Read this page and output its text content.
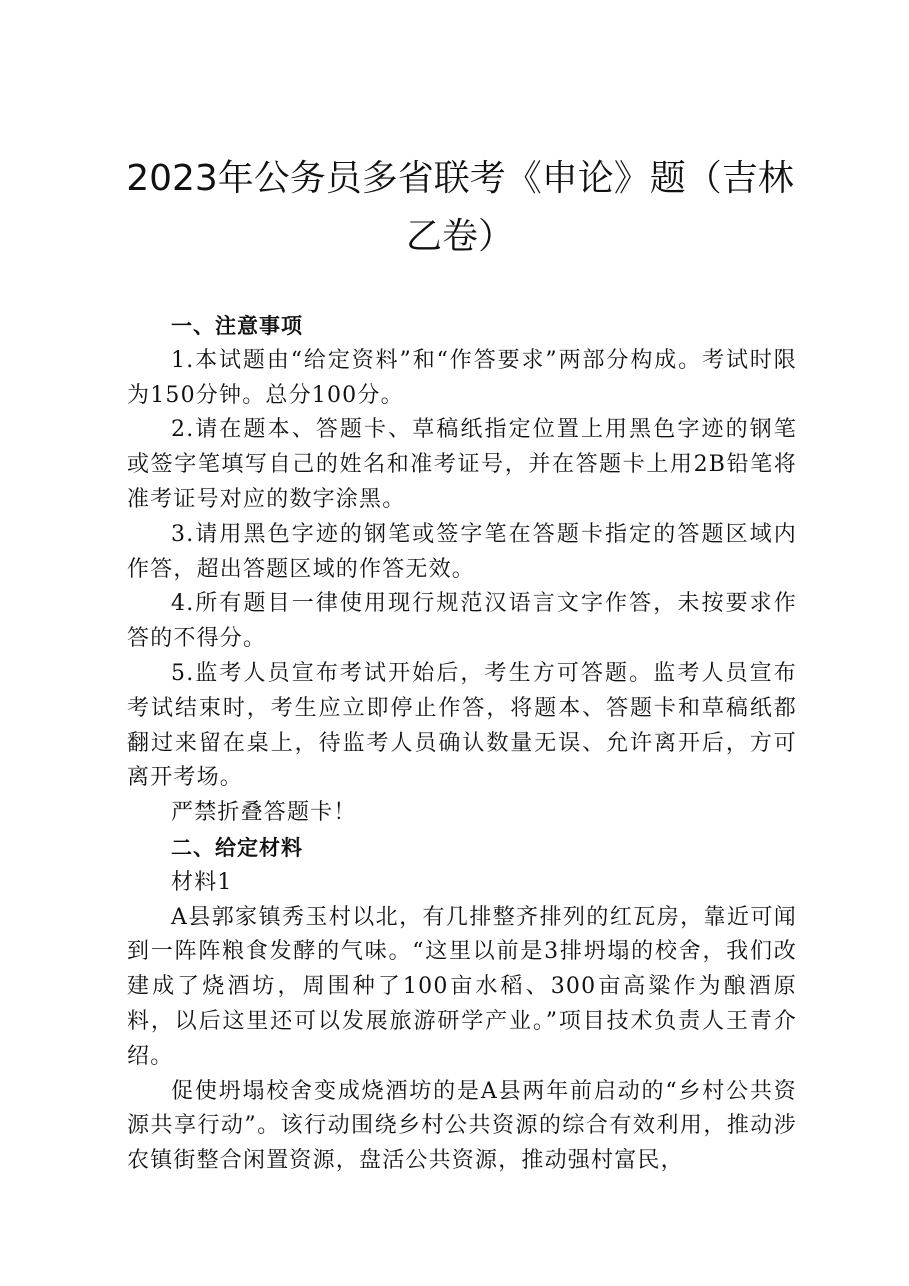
2023年公务员多省联考《申论》题（吉林乙卷）

一、注意事项

1.本试题由“给定资料”和“作答要求”两部分构成。考试时限为150分钟。总分100分。

2.请在题本、答题卡、草稿纸指定位置上用黑色字迹的钢笔或签字笔填写自己的姓名和准考证号，并在答题卡上用2B铅笔将准考证号对应的数字涂黑。

3.请用黑色字迹的钢笔或签字笔在答题卡指定的答题区域内作答，超出答题区域的作答无效。

4.所有题目一律使用现行规范汉语言文字作答，未按要求作答的不得分。

5.监考人员宣布考试开始后，考生方可答题。监考人员宣布考试结束时，考生应立即停止作答，将题本、答题卡和草稿纸都翻过来留在桌上，待监考人员确认数量无误、允许离开后，方可离开考场。

严禁折叠答题卡！

二、给定材料

材料1

A县郭家镇秀玉村以北，有几排整齐排列的红瓦房，靠近可闻到一阵阵粮食发酵的气味。“这里以前是3排坍塌的校舍，我们改建成了烧酒坊，周围种了100亩水稻、300亩高粱作为酿酒原料，以后这里还可以发展旅游研学产业。”项目技术负责人王青介绍。

促使坍塌校舍变成烧酒坊的是A县两年前启动的“乡村公共资源共享行动”。该行动围绕乡村公共资源的综合有效利用，推动涉农镇街整合闲置资源，盘活公共资源，推动强村富民，
